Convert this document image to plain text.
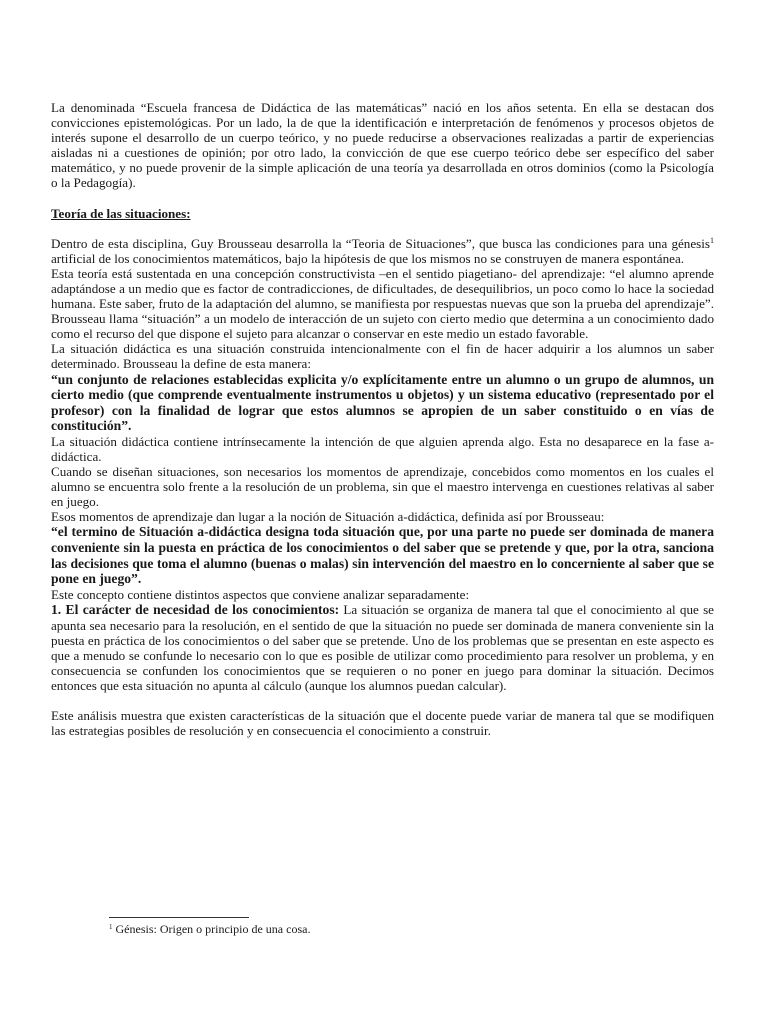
La denominada “Escuela francesa de Didáctica de las matemáticas” nació en los años setenta. En ella se destacan dos convicciones epistemológicas. Por un lado, la de que la identificación e interpretación de fenómenos y procesos objetos de interés supone el desarrollo de un cuerpo teórico, y no puede reducirse a observaciones realizadas a partir de experiencias aisladas ni a cuestiones de opinión; por otro lado, la convicción de que ese cuerpo teórico debe ser específico del saber matemático, y no puede provenir de la simple aplicación de una teoría ya desarrollada en otros dominios (como la Psicología o la Pedagogía).

Teoría de las situaciones:

Dentro de esta disciplina, Guy Brousseau desarrolla la “Teoria de Situaciones”, que busca las condiciones para una génesis$^1$ artificial de los conocimientos matemáticos, bajo la hipótesis de que los mismos no se construyen de manera espontánea.

Esta teoría está sustentada en una concepción constructivista –en el sentido piagetiano- del aprendizaje: “el alumno aprende adaptándose a un medio que es factor de contradicciones, de dificultades, de desequilibrios, un poco como lo hace la sociedad humana. Este saber, fruto de la adaptación del alumno, se manifiesta por respuestas nuevas que son la prueba del aprendizaje”.

Brousseau llama “situación” a un modelo de interacción de un sujeto con cierto medio que determina a un conocimiento dado como el recurso del que dispone el sujeto para alcanzar o conservar en este medio un estado favorable.

La situación didáctica es una situación construida intencionalmente con el fin de hacer adquirir a los alumnos un saber determinado. Brousseau la define de esta manera:

“un conjunto de relaciones establecidas explicita y/o explícitamente entre un alumno o un grupo de alumnos, un cierto medio (que comprende eventualmente instrumentos u objetos) y un sistema educativo (representado por el profesor) con la finalidad de lograr que estos alumnos se apropien de un saber constituido o en vías de constitución”.

La situación didáctica contiene intrínsecamente la intención de que alguien aprenda algo. Esta no desaparece en la fase a-didáctica.

Cuando se diseñan situaciones, son necesarios los momentos de aprendizaje, concebidos como momentos en los cuales el alumno se encuentra solo frente a la resolución de un problema, sin que el maestro intervenga en cuestiones relativas al saber en juego.

Esos momentos de aprendizaje dan lugar a la noción de Situación a-didáctica, definida así por Brousseau:

“el termino de Situación a-didáctica designa toda situación que, por una parte no puede ser dominada de manera conveniente sin la puesta en práctica de los conocimientos o del saber que se pretende y que, por la otra, sanciona las decisiones que toma el alumno (buenas o malas) sin intervención del maestro en lo concerniente al saber que se pone en juego”.

Este concepto contiene distintos aspectos que conviene analizar separadamente:

1. El carácter de necesidad de los conocimientos: La situación se organiza de manera tal que el conocimiento al que se apunta sea necesario para la resolución, en el sentido de que la situación no puede ser dominada de manera conveniente sin la puesta en práctica de los conocimientos o del saber que se pretende. Uno de los problemas que se presentan en este aspecto es que a menudo se confunde lo necesario con lo que es posible de utilizar como procedimiento para resolver un problema, y en consecuencia se confunden los conocimientos que se requieren o no poner en juego para dominar la situación. Decimos entonces que esta situación no apunta al cálculo (aunque los alumnos puedan calcular).

Este análisis muestra que existen características de la situación que el docente puede variar de manera tal que se modifiquen las estrategias posibles de resolución y en consecuencia el conocimiento a construir.

$^1$ Génesis: Origen o principio de una cosa.
